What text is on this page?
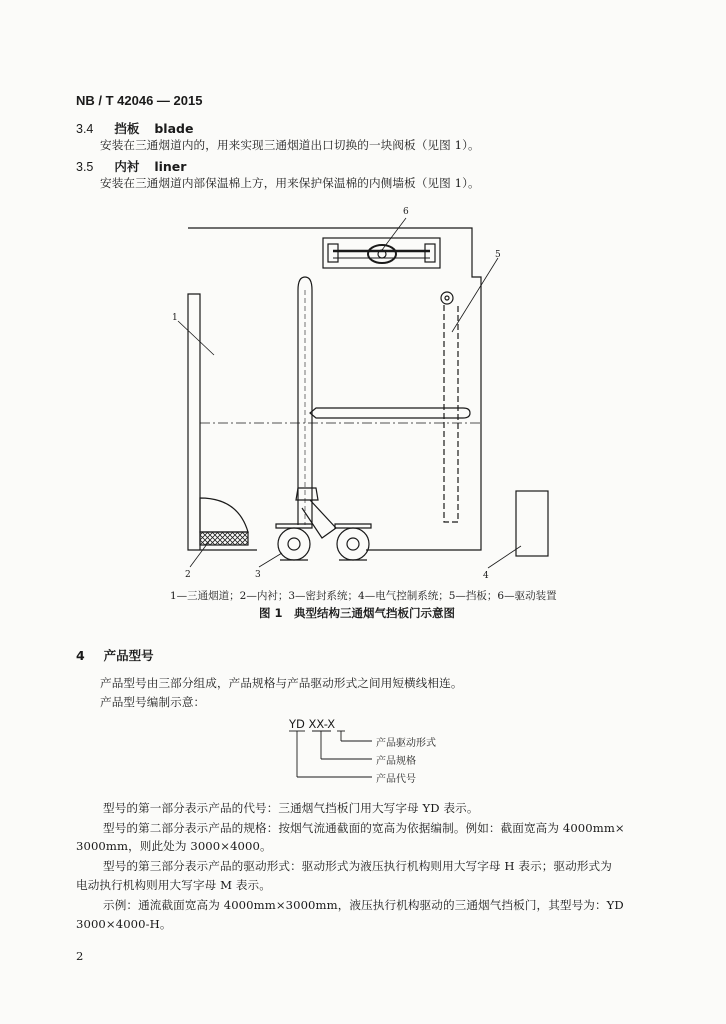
NB / T 42046 — 2015
3.4 挡板 blade
安装在三通烟道内的，用来实现三通烟道出口切换的一块阀板（见图 1）。
3.5 内衬 liner
安装在三通烟道内部保温棉上方，用来保护保温棉的内侧墙板（见图 1）。
1
2	3	4
5
6
1—三通烟道；2—内衬；3—密封系统；4—电气控制系统；5—挡板；6—驱动装置
图 1　典型结构三通烟气挡板门示意图
4 产品型号
产品型号由三部分组成，产品规格与产品驱动形式之间用短横线相连。
产品型号编制示意：
YD XX-X
产品驱动形式
产品规格
产品代号
型号的第一部分表示产品的代号：三通烟气挡板门用大写字母 YD 表示。
型号的第二部分表示产品的规格：按烟气流通截面的宽高为依据编制。例如：截面宽高为 4000mm×
3000mm，则此处为 3000×4000。
型号的第三部分表示产品的驱动形式：驱动形式为液压执行机构则用大写字母 H 表示；驱动形式为
电动执行机构则用大写字母 M 表示。
示例：通流截面宽高为 4000mm×3000mm，液压执行机构驱动的三通烟气挡板门，其型号为：YD
3000×4000-H。
2
